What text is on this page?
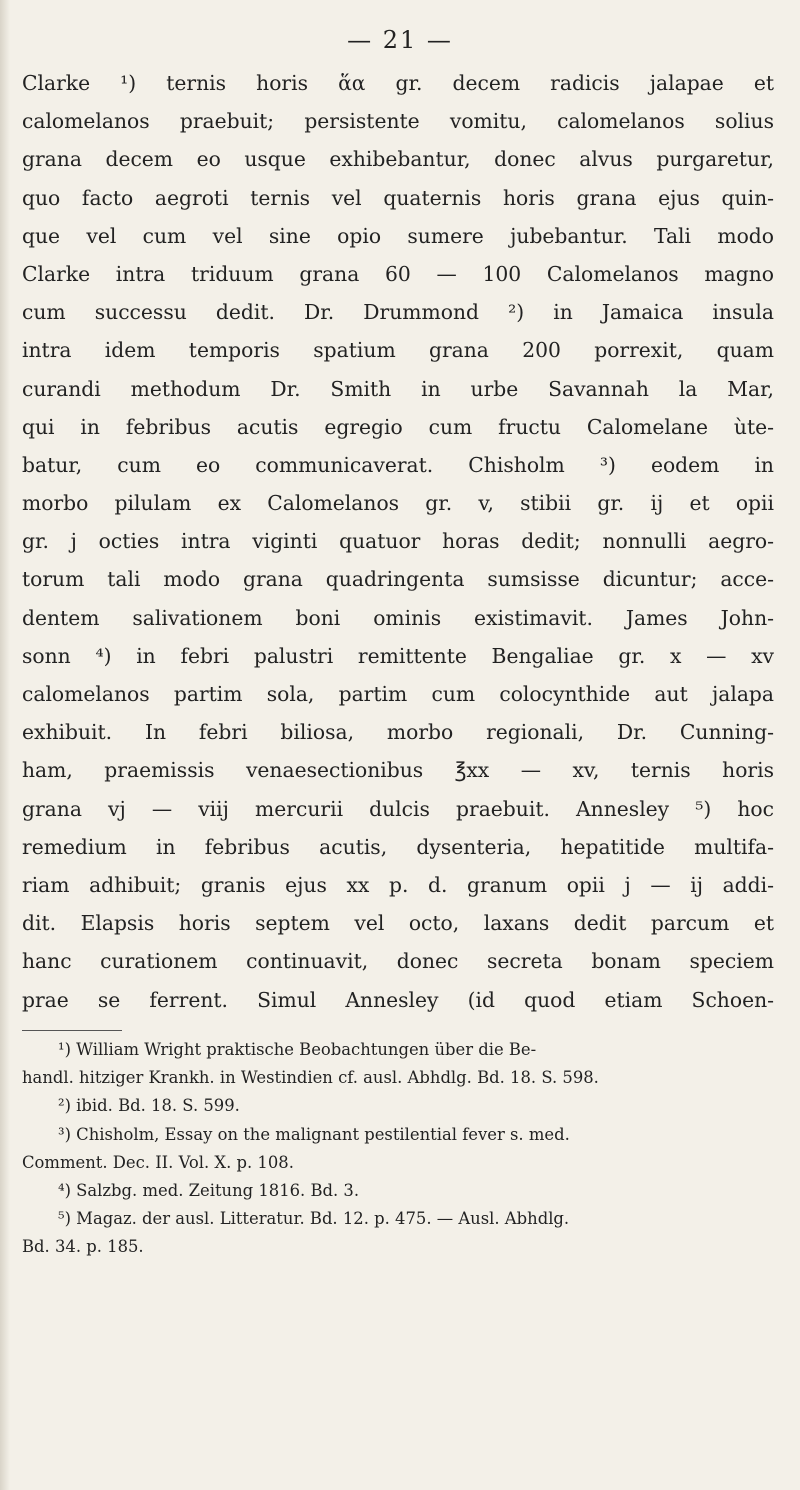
— 21 —
Clarke ¹) ternis horis ἅα gr. decem radicis jalapae et
calomelanos praebuit; persistente vomitu, calomelanos solius
grana decem eo usque exhibebantur, donec alvus purgaretur,
quo facto aegroti ternis vel quaternis horis grana ejus quin-
que vel cum vel sine opio sumere jubebantur. Tali modo
Clarke intra triduum grana 60 — 100 Calomelanos magno
cum successu dedit. Dr. Drummond ²) in Jamaica insula
intra idem temporis spatium grana 200 porrexit, quam
curandi methodum Dr. Smith in urbe Savannah la Mar,
qui in febribus acutis egregio cum fructu Calomelane ùte-
batur, cum eo communicaverat. Chisholm ³) eodem in
morbo pilulam ex Calomelanos gr. v, stibii gr. ij et opii
gr. j octies intra viginti quatuor horas dedit; nonnulli aegro-
torum tali modo grana quadringenta sumsisse dicuntur; acce-
dentem salivationem boni ominis existimavit. James John-
sonn ⁴) in febri palustri remittente Bengaliae gr. x — xv
calomelanos partim sola, partim cum colocynthide aut jalapa
exhibuit. In febri biliosa, morbo regionali, Dr. Cunning-
ham, praemissis venaesectionibus ℥xx — xv, ternis horis
grana vj — viij mercurii dulcis praebuit. Annesley ⁵) hoc
remedium in febribus acutis, dysenteria, hepatitide multifa-
riam adhibuit; granis ejus xx p. d. granum opii j — ij addi-
dit. Elapsis horis septem vel octo, laxans dedit parcum et
hanc curationem continuavit, donec secreta bonam speciem
prae se ferrent. Simul Annesley (id quod etiam Schoen-
¹) William Wright praktische Beobachtungen über die Be-
handl. hitziger Krankh. in Westindien cf. ausl. Abhdlg. Bd. 18. S. 598.
²) ibid. Bd. 18. S. 599.
³) Chisholm, Essay on the malignant pestilential fever s. med.
Comment. Dec. II. Vol. X. p. 108.
⁴) Salzbg. med. Zeitung 1816. Bd. 3.
⁵) Magaz. der ausl. Litteratur. Bd. 12. p. 475. — Ausl. Abhdlg.
Bd. 34. p. 185.
